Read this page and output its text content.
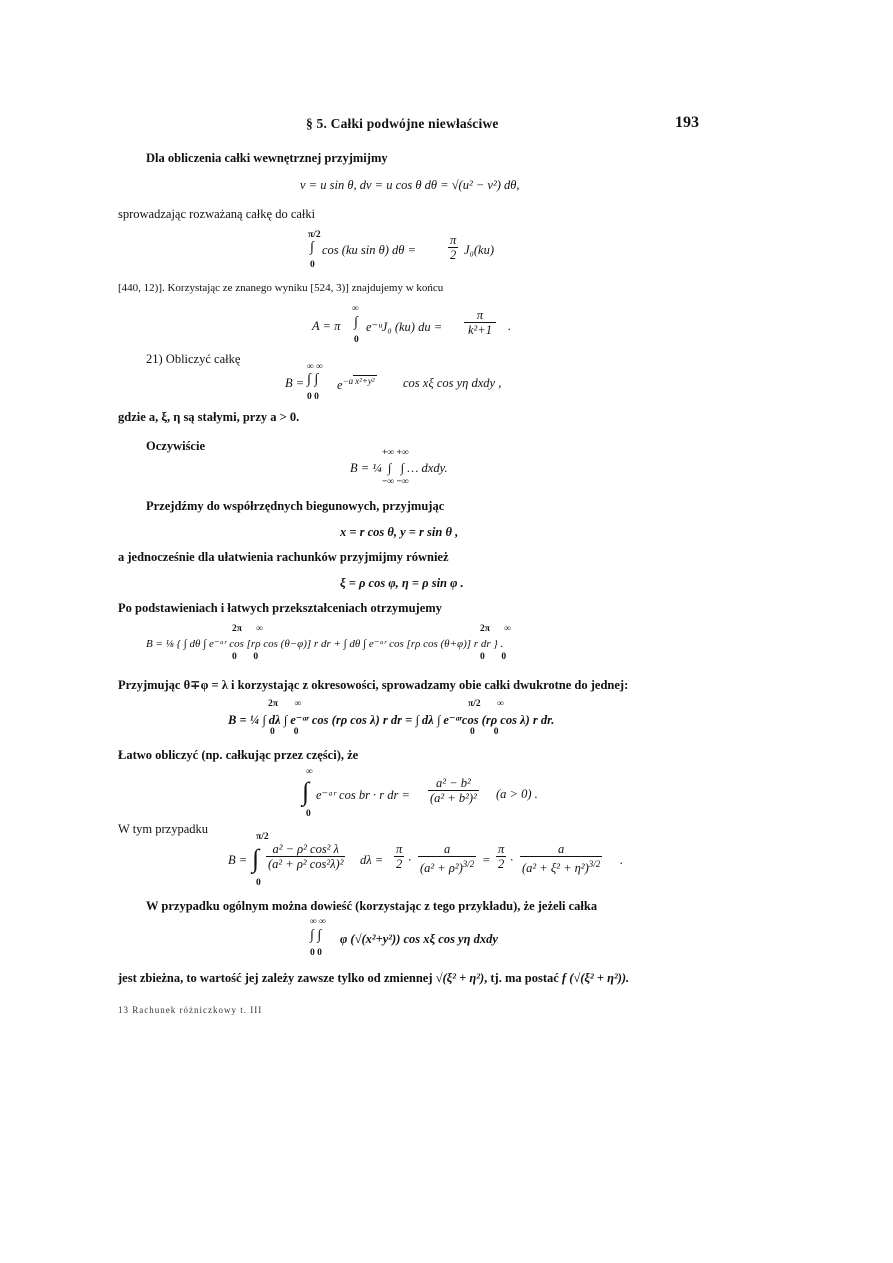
§ 5. Całki podwójne niewłaściwe	193
Dla obliczenia całki wewnętrznej przyjmijmy
v = u sin θ, dv = u cos θ dθ = √(u² − v²) dθ,
sprowadzając rozważaną całkę do całki
π/2
∫
0
cos (ku sin θ) dθ =	$\frac{\pi}{2} J_0(ku)$
[440, 12)]. Korzystając ze znanego wyniku [524, 3)] znajdujemy w końcu
A = π
∞
∫
0
e⁻ᵘJ₀ (ku) du = $\frac{\pi}{\text{k²+1}}$ .
21) Obliczyć całkę
B =
∞ ∞
∫ ∫
0 0
$e^{-a x^2+y^2}$ cos xξ cos yη dxdy ,
gdzie a, ξ, η są stałymi, przy a > 0.
Oczywiście	+∞ +∞
B = ¼  ∫   ∫ … dxdy.
−∞ −∞
Przejdźmy do współrzędnych biegunowych, przyjmując
x = r cos θ, y = r sin θ ,
a jednocześnie dla ułatwienia rachunków przyjmijmy również
ξ = ρ cos φ, η = ρ sin φ .
Po podstawieniach i łatwych przekształceniach otrzymujemy
2π      ∞	2π      ∞
B = ⅛ { ∫ dθ ∫ e⁻ᵃʳ cos [rρ cos (θ−φ)] r dr + ∫ dθ ∫ e⁻ᵃʳ cos [rρ cos (θ+φ)] r dr } .
0       0	0       0
Przyjmując θ∓φ = λ i korzystając z okresowości, sprowadzamy obie całki dwukrotne do jednej:
2π       ∞	π/2       ∞
B = ¼ ∫ dλ ∫ e⁻ᵃʳ cos (rρ cos λ) r dr = ∫ dλ ∫ e⁻ᵃʳcos (rρ cos λ) r dr.
0        0	0        0
Łatwo obliczyć (np. całkując przez części), że
∞
∫
0
e⁻ᵃʳ cos br · r dr = $\frac{\text{a² − b²}}{\text{(a² + b²)²}} (a > 0)$ .
W tym przypadku
B =
π/2
∫
0
$\frac{\text{a² − ρ² cos² λ}}{\text{(a² + ρ² cos²λ)²}}$ $d\lambda = \frac{\pi}{2} \cdot \frac{a}{(a^2 + \rho^2)^{3/2}} = \frac{\pi}{2} \cdot \frac{a}{(a^2 + \xi^2 + \eta^2)^{3/2}}$ .
W przypadku ogólnym można dowieść (korzystając z tego przykładu), że jeżeli całka
∞ ∞
∫ ∫
0 0
φ (√(x²+y²)) cos xξ cos yη dxdy
jest zbieżna, to wartość jej zależy zawsze tylko od zmiennej √(ξ² + η²), tj. ma postać f (√(ξ² + η²)).
13 Rachunek różniczkowy t. III
